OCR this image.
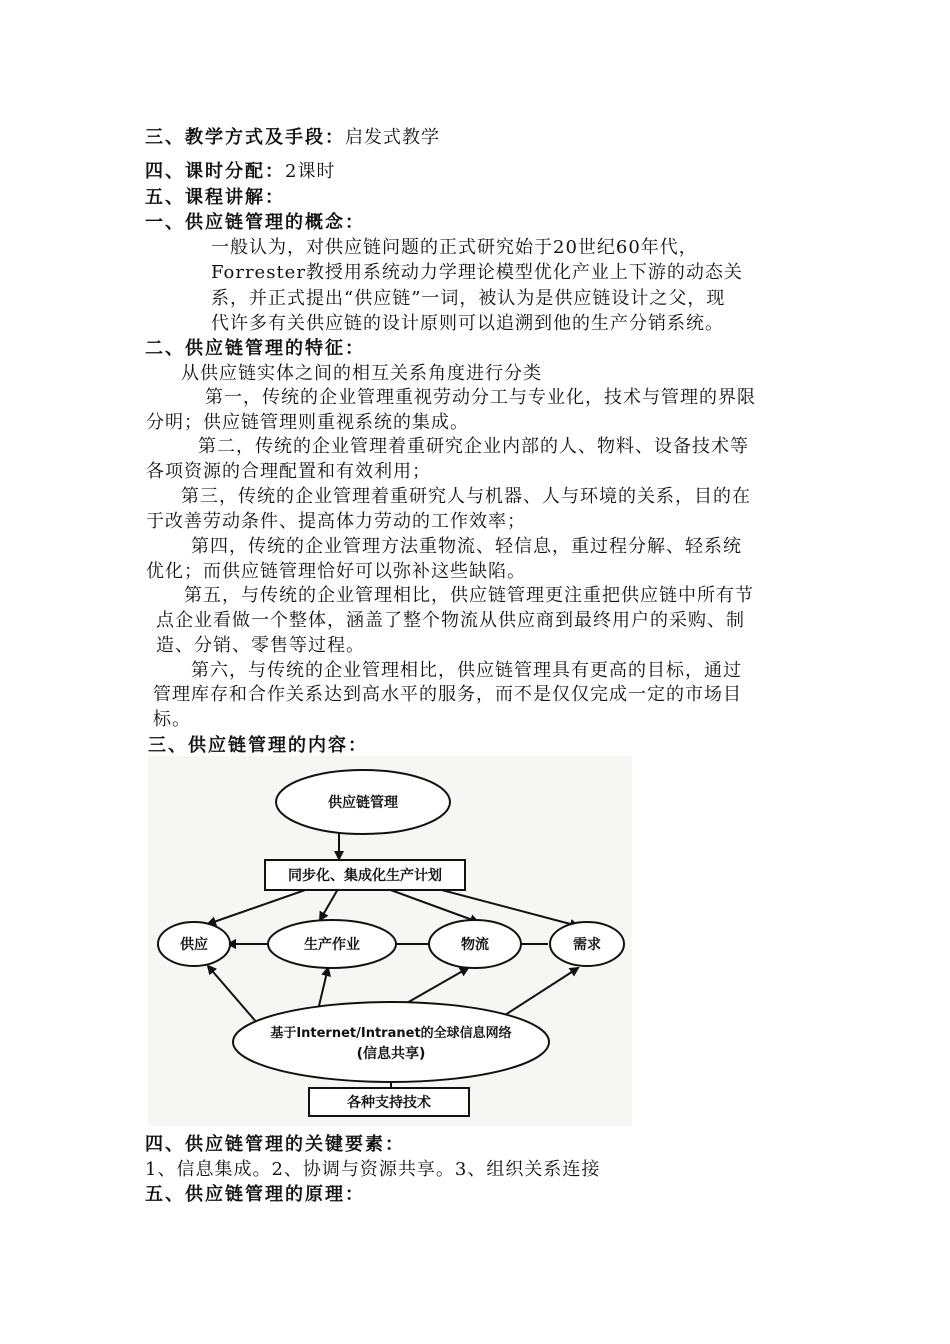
三、教学方式及手段：启发式教学
四、课时分配：2课时
五、课程讲解：
一、供应链管理的概念：
一般认为，对供应链问题的正式研究始于20世纪60年代，
Forrester教授用系统动力学理论模型优化产业上下游的动态关
系，并正式提出“供应链”一词，被认为是供应链设计之父，现
代许多有关供应链的设计原则可以追溯到他的生产分销系统。
二、供应链管理的特征：
从供应链实体之间的相互关系角度进行分类
第一，传统的企业管理重视劳动分工与专业化，技术与管理的界限
分明；供应链管理则重视系统的集成。
第二，传统的企业管理着重研究企业内部的人、物料、设备技术等
各项资源的合理配置和有效利用；
第三，传统的企业管理着重研究人与机器、人与环境的关系，目的在
于改善劳动条件、提高体力劳动的工作效率；
第四，传统的企业管理方法重物流、轻信息，重过程分解、轻系统
优化；而供应链管理恰好可以弥补这些缺陷。
第五，与传统的企业管理相比，供应链管理更注重把供应链中所有节
点企业看做一个整体，涵盖了整个物流从供应商到最终用户的采购、制
造、分销、零售等过程。
第六，与传统的企业管理相比，供应链管理具有更高的目标，通过
管理库存和合作关系达到高水平的服务，而不是仅仅完成一定的市场目
标。
三、供应链管理的内容：
供应链管理
同步化、集成化生产计划
供应	生产作业	物流	需求
基于Internet/Intranet的全球信息网络
(信息共享)
各种支持技术
四、供应链管理的关键要素：
1、信息集成。2、协调与资源共享。3、组织关系连接
五、供应链管理的原理：
